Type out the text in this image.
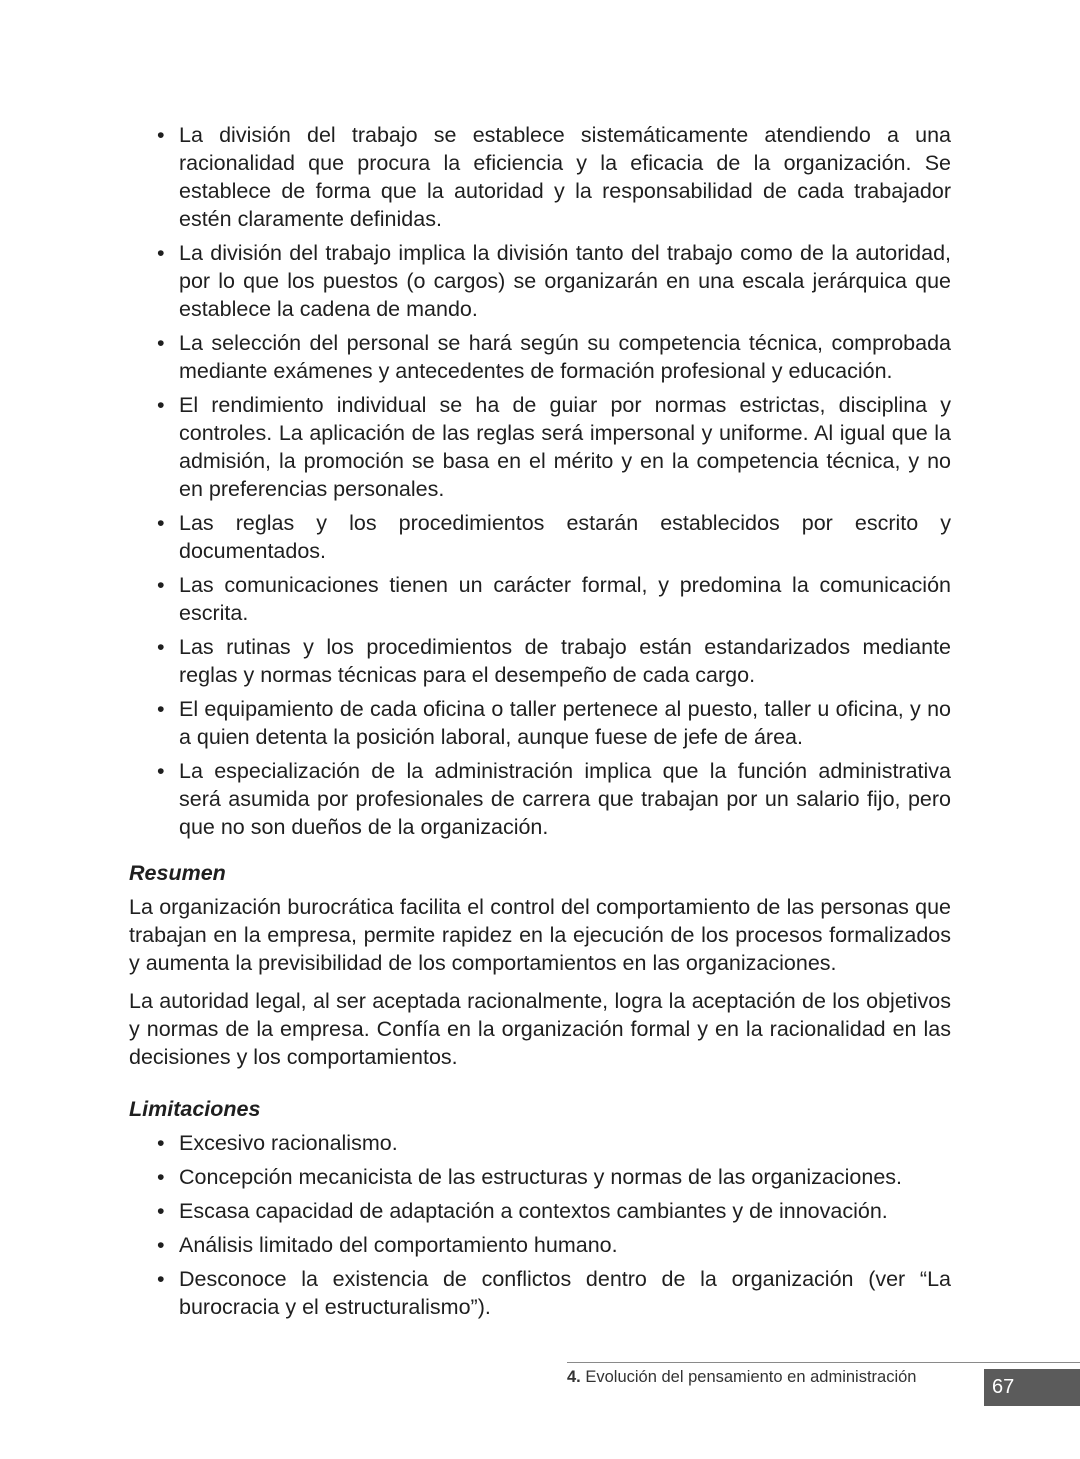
• La división del trabajo se establece sistemáticamente atendiendo a una racionalidad que procura la eficiencia y la eficacia de la organización. Se establece de forma que la autoridad y la responsabilidad de cada trabajador estén claramente definidas.
• La división del trabajo implica la división tanto del trabajo como de la autoridad, por lo que los puestos (o cargos) se organizarán en una escala jerárquica que establece la cadena de mando.
• La selección del personal se hará según su competencia técnica, comprobada mediante exámenes y antecedentes de formación profesional y educación.
• El rendimiento individual se ha de guiar por normas estrictas, disciplina y controles. La aplicación de las reglas será impersonal y uniforme. Al igual que la admisión, la promoción se basa en el mérito y en la competencia técnica, y no en preferencias personales.
• Las reglas y los procedimientos estarán establecidos por escrito y documentados.
• Las comunicaciones tienen un carácter formal, y predomina la comunicación escrita.
• Las rutinas y los procedimientos de trabajo están estandarizados mediante reglas y normas técnicas para el desempeño de cada cargo.
• El equipamiento de cada oficina o taller pertenece al puesto, taller u oficina, y no a quien detenta la posición laboral, aunque fuese de jefe de área.
• La especialización de la administración implica que la función administrativa será asumida por profesionales de carrera que trabajan por un salario fijo, pero que no son dueños de la organización.
Resumen

La organización burocrática facilita el control del comportamiento de las personas que trabajan en la empresa, permite rapidez en la ejecución de los procesos formalizados y aumenta la previsibilidad de los comportamientos en las organizaciones.

La autoridad legal, al ser aceptada racionalmente, logra la aceptación de los objetivos y normas de la empresa. Confía en la organización formal y en la racionalidad en las decisiones y los comportamientos.

Limitaciones
• Excesivo racionalismo.
• Concepción mecanicista de las estructuras y normas de las organizaciones.
• Escasa capacidad de adaptación a contextos cambiantes y de innovación.
• Análisis limitado del comportamiento humano.
• Desconoce la existencia de conflictos dentro de la organización (ver “La burocracia y el estructuralismo”).
4. Evolución del pensamiento en administración	67
